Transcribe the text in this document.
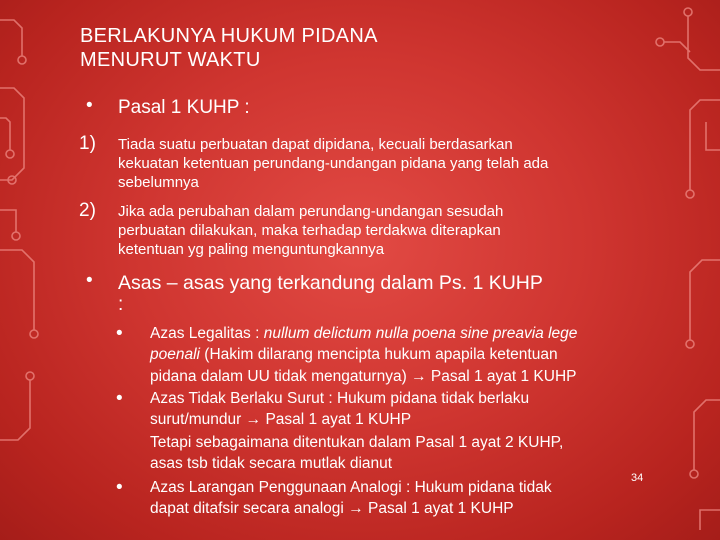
BERLAKUNYA HUKUM PIDANA
MENURUT WAKTU
• Pasal 1 KUHP :
1) Tiada suatu perbuatan dapat dipidana, kecuali berdasarkan
kekuatan ketentuan perundang-undangan pidana yang telah ada
sebelumnya
2) Jika ada perubahan dalam perundang-undangan sesudah
perbuatan dilakukan, maka terhadap terdakwa diterapkan
ketentuan yg paling menguntungkannya
• Asas – asas yang terkandung dalam Ps. 1 KUHP
:
• Azas Legalitas : nullum delictum nulla poena sine preavia lege
poenali (Hakim dilarang mencipta hukum apapila ketentuan
pidana dalam UU tidak mengaturnya) → Pasal 1 ayat 1 KUHP
• Azas Tidak Berlaku Surut : Hukum pidana tidak berlaku
surut/mundur → Pasal 1 ayat 1 KUHP
Tetapi sebagaimana ditentukan dalam Pasal 1 ayat 2 KUHP,
asas tsb tidak secara mutlak dianut
• Azas Larangan Penggunaan Analogi : Hukum pidana tidak
dapat ditafsir secara analogi → Pasal 1 ayat 1 KUHP
34
